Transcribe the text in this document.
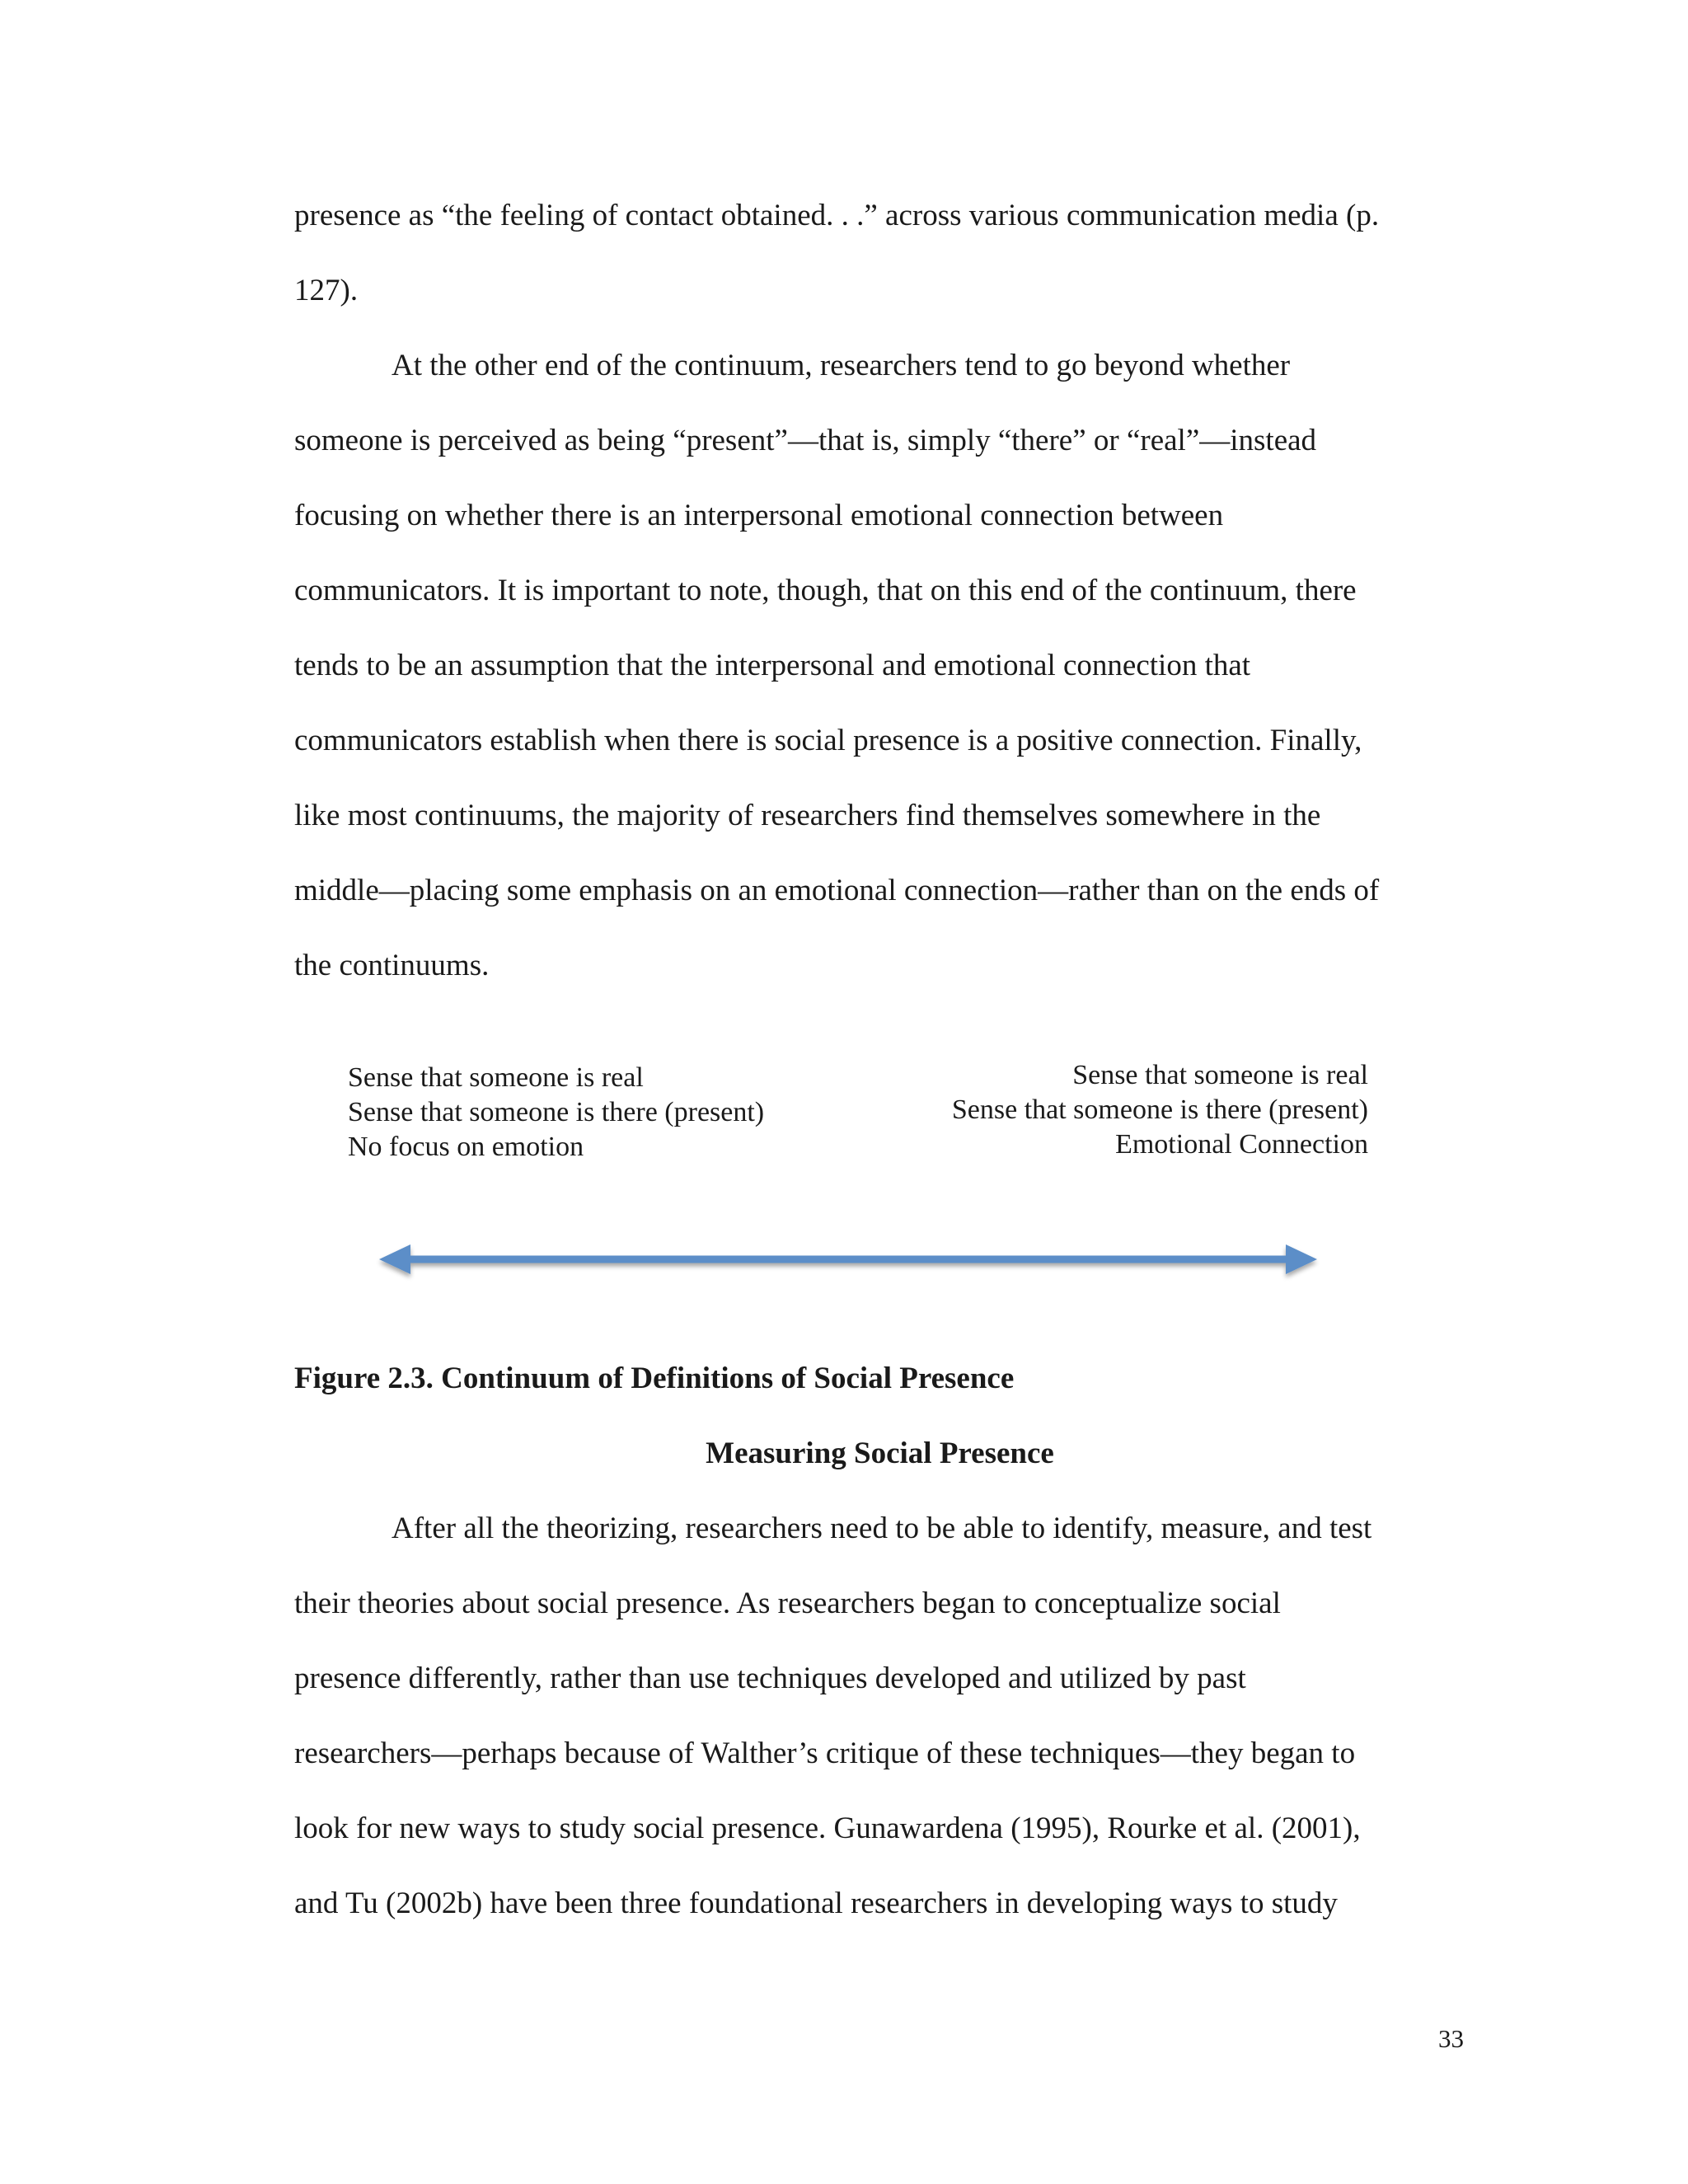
presence as “the feeling of contact obtained. . .” across various communication media (p.
127).
At the other end of the continuum, researchers tend to go beyond whether
someone is perceived as being “present”—that is, simply “there” or “real”—instead
focusing on whether there is an interpersonal emotional connection between
communicators. It is important to note, though, that on this end of the continuum, there
tends to be an assumption that the interpersonal and emotional connection that
communicators establish when there is social presence is a positive connection. Finally,
like most continuums, the majority of researchers find themselves somewhere in the
middle—placing some emphasis on an emotional connection—rather than on the ends of
the continuums.
Sense that someone is real
Sense that someone is there (present)
No focus on emotion
Sense that someone is real
Sense that someone is there (present)
Emotional Connection
Figure 2.3. Continuum of Definitions of Social Presence
Measuring Social Presence
After all the theorizing, researchers need to be able to identify, measure, and test
their theories about social presence. As researchers began to conceptualize social
presence differently, rather than use techniques developed and utilized by past
researchers—perhaps because of Walther’s critique of these techniques—they began to
look for new ways to study social presence. Gunawardena (1995), Rourke et al. (2001),
and Tu (2002b) have been three foundational researchers in developing ways to study
33
